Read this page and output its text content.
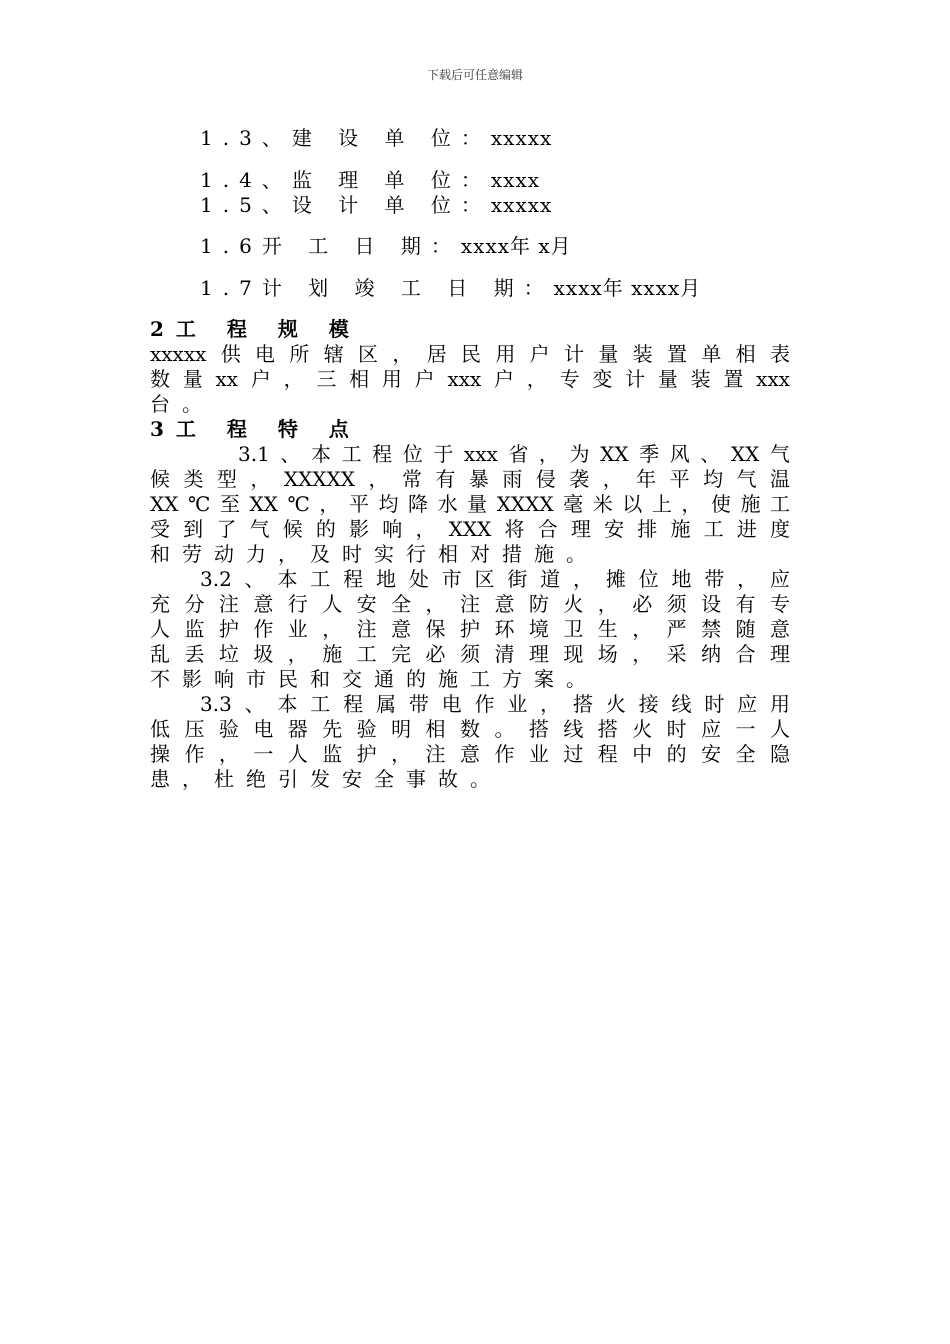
下载后可任意编辑
1.3、建 设 单 位：xxxxx
1.4、监 理 单 位：xxxx
1.5、设 计 单 位：xxxxx
1.6开 工 日 期：xxxx年 x月
1.7计 划 竣 工 日 期：xxxx年 xxxx月
2工 程 规 模
xxxxx供电所辖区，居民用户计量装置单相表
数量xx户，三相用户xxx户，专变计量装置xxx
台。
3工 程 特 点
3.1、本工程位于xxx省，为XX季风、XX气
候类型，XXXXX，常有暴雨侵袭，年平均气温
XX℃至XX℃，平均降水量XXXX毫米以上，使施工
受到了气候的影响，XXX将合理安排施工进度
和劳动力，及时实行相对措施。
3.2、本工程地处市区街道，摊位地带，应
充分注意行人安全，注意防火，必须设有专
人监护作业，注意保护环境卫生，严禁随意
乱丢垃圾，施工完必须清理现场，采纳合理
不影响市民和交通的施工方案。
3.3、本工程属带电作业，搭火接线时应用
低压验电器先验明相数。搭线搭火时应一人
操作，一人监护，注意作业过程中的安全隐
患，杜绝引发安全事故。
